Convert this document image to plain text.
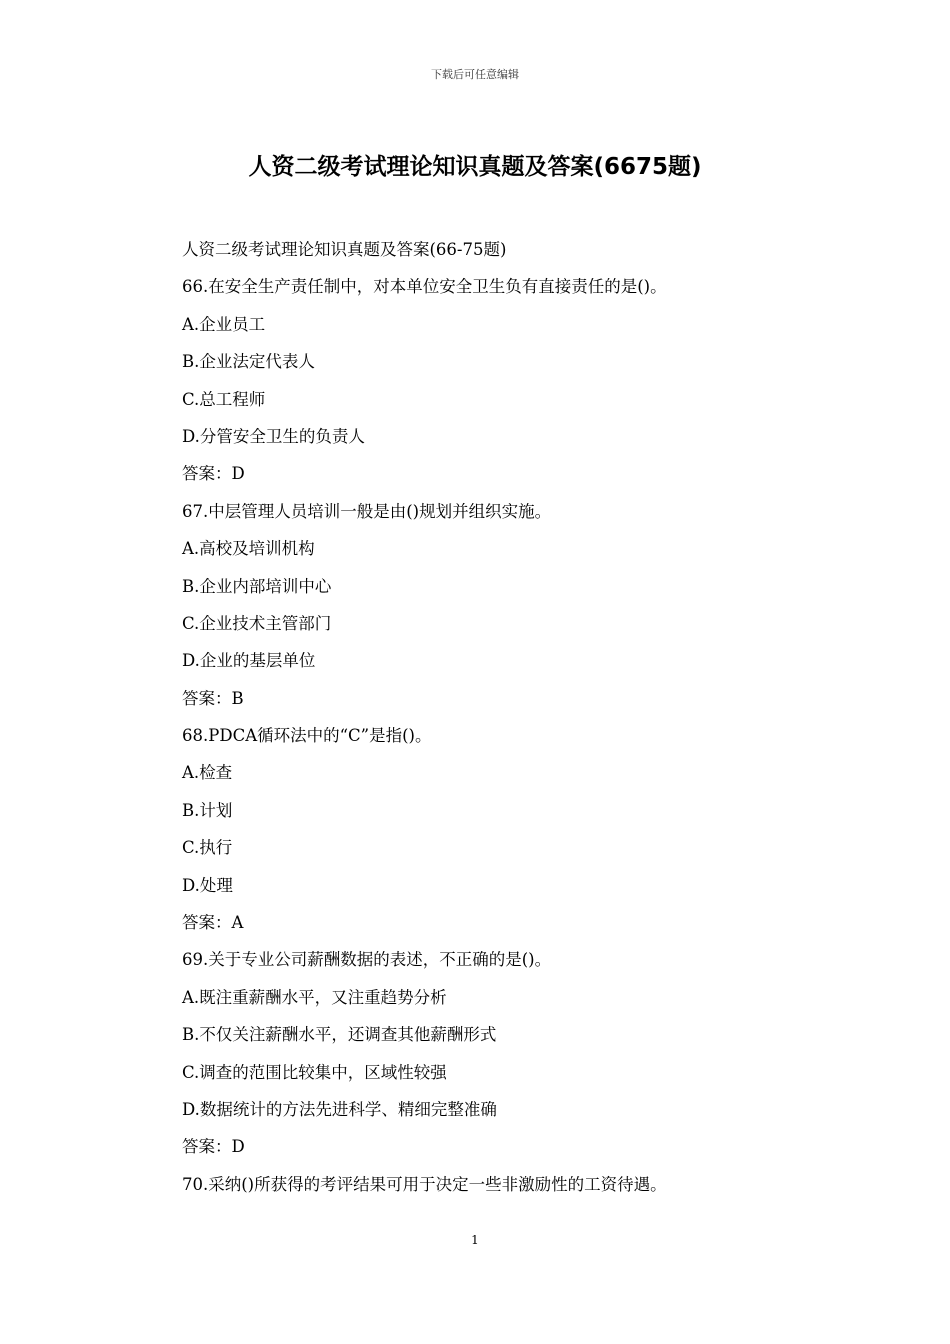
下载后可任意编辑
人资二级考试理论知识真题及答案(6675题)
人资二级考试理论知识真题及答案(66-75题)
66.在安全生产责任制中，对本单位安全卫生负有直接责任的是()。
A.企业员工
B.企业法定代表人
C.总工程师
D.分管安全卫生的负责人
答案：D
67.中层管理人员培训一般是由()规划并组织实施。
A.高校及培训机构
B.企业内部培训中心
C.企业技术主管部门
D.企业的基层单位
答案：B
68.PDCA循环法中的“C”是指()。
A.检查
B.计划
C.执行
D.处理
答案：A
69.关于专业公司薪酬数据的表述，不正确的是()。
A.既注重薪酬水平，又注重趋势分析
B.不仅关注薪酬水平，还调查其他薪酬形式
C.调查的范围比较集中，区域性较强
D.数据统计的方法先进科学、精细完整准确
答案：D
70.采纳()所获得的考评结果可用于决定一些非激励性的工资待遇。
1
